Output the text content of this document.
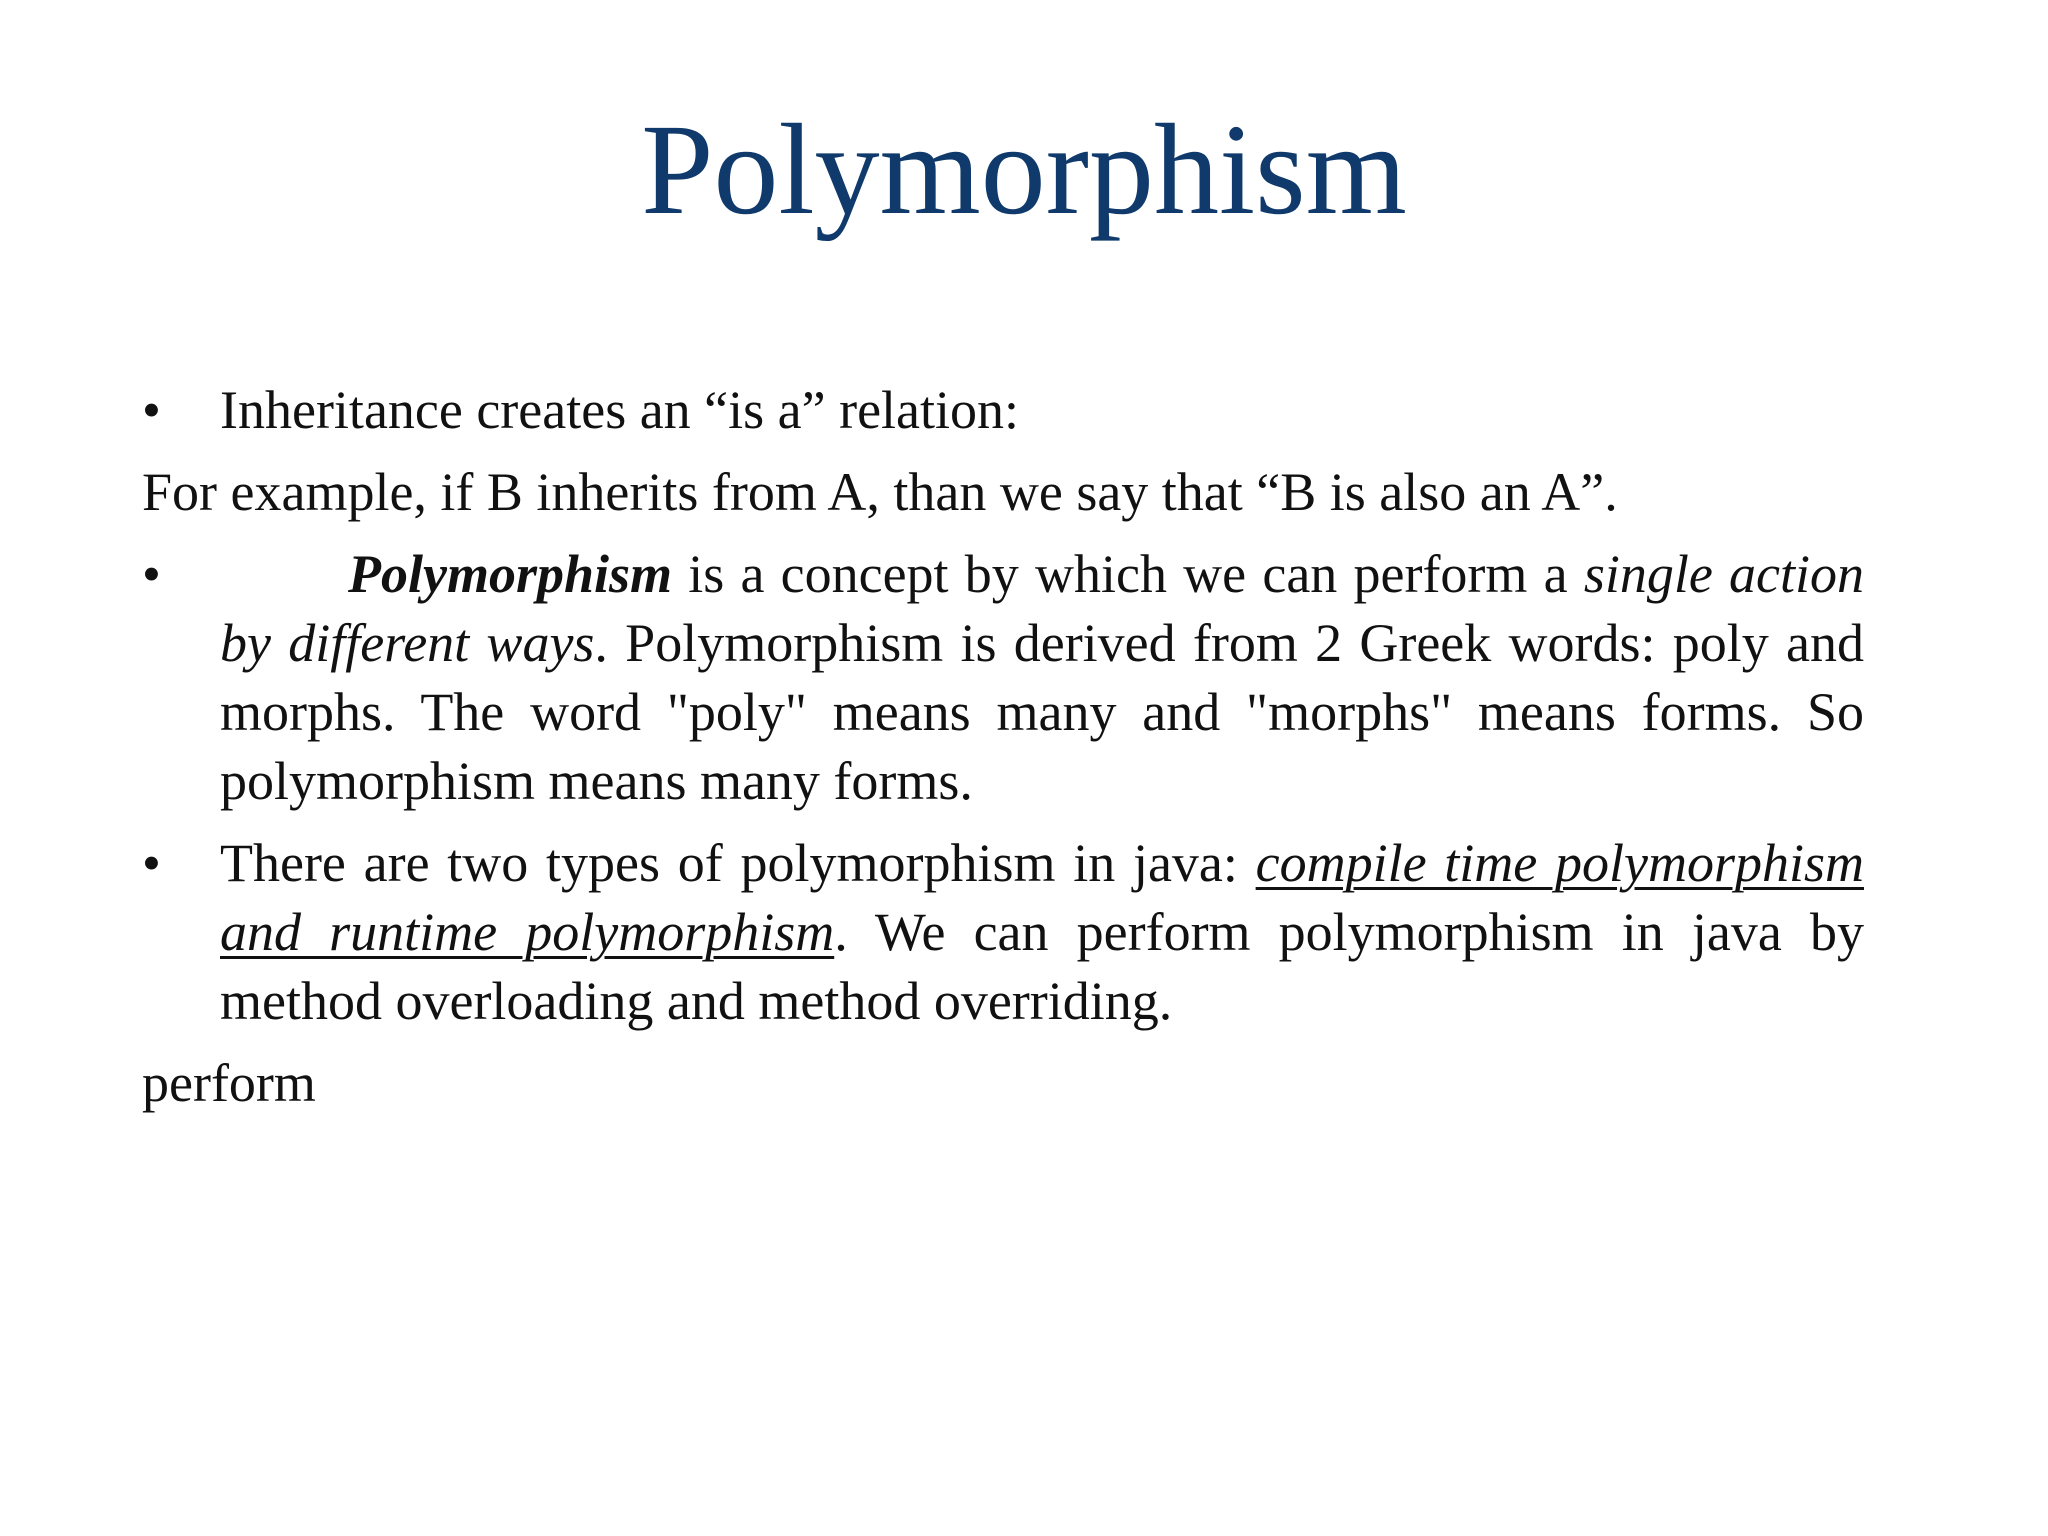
Polymorphism
• Inheritance creates an “is a” relation:
For example, if B inherits from A, than we say that “B is also an A”.
•	Polymorphism is a concept by which we can perform a single action by different ways. Polymorphism is derived from 2 Greek words: poly and morphs. The word "poly" means many and "morphs" means forms. So polymorphism means many forms.
• There are two types of polymorphism in java: compile time polymorphism and runtime polymorphism. We can perform polymorphism in java by method overloading and method overriding.
perform
